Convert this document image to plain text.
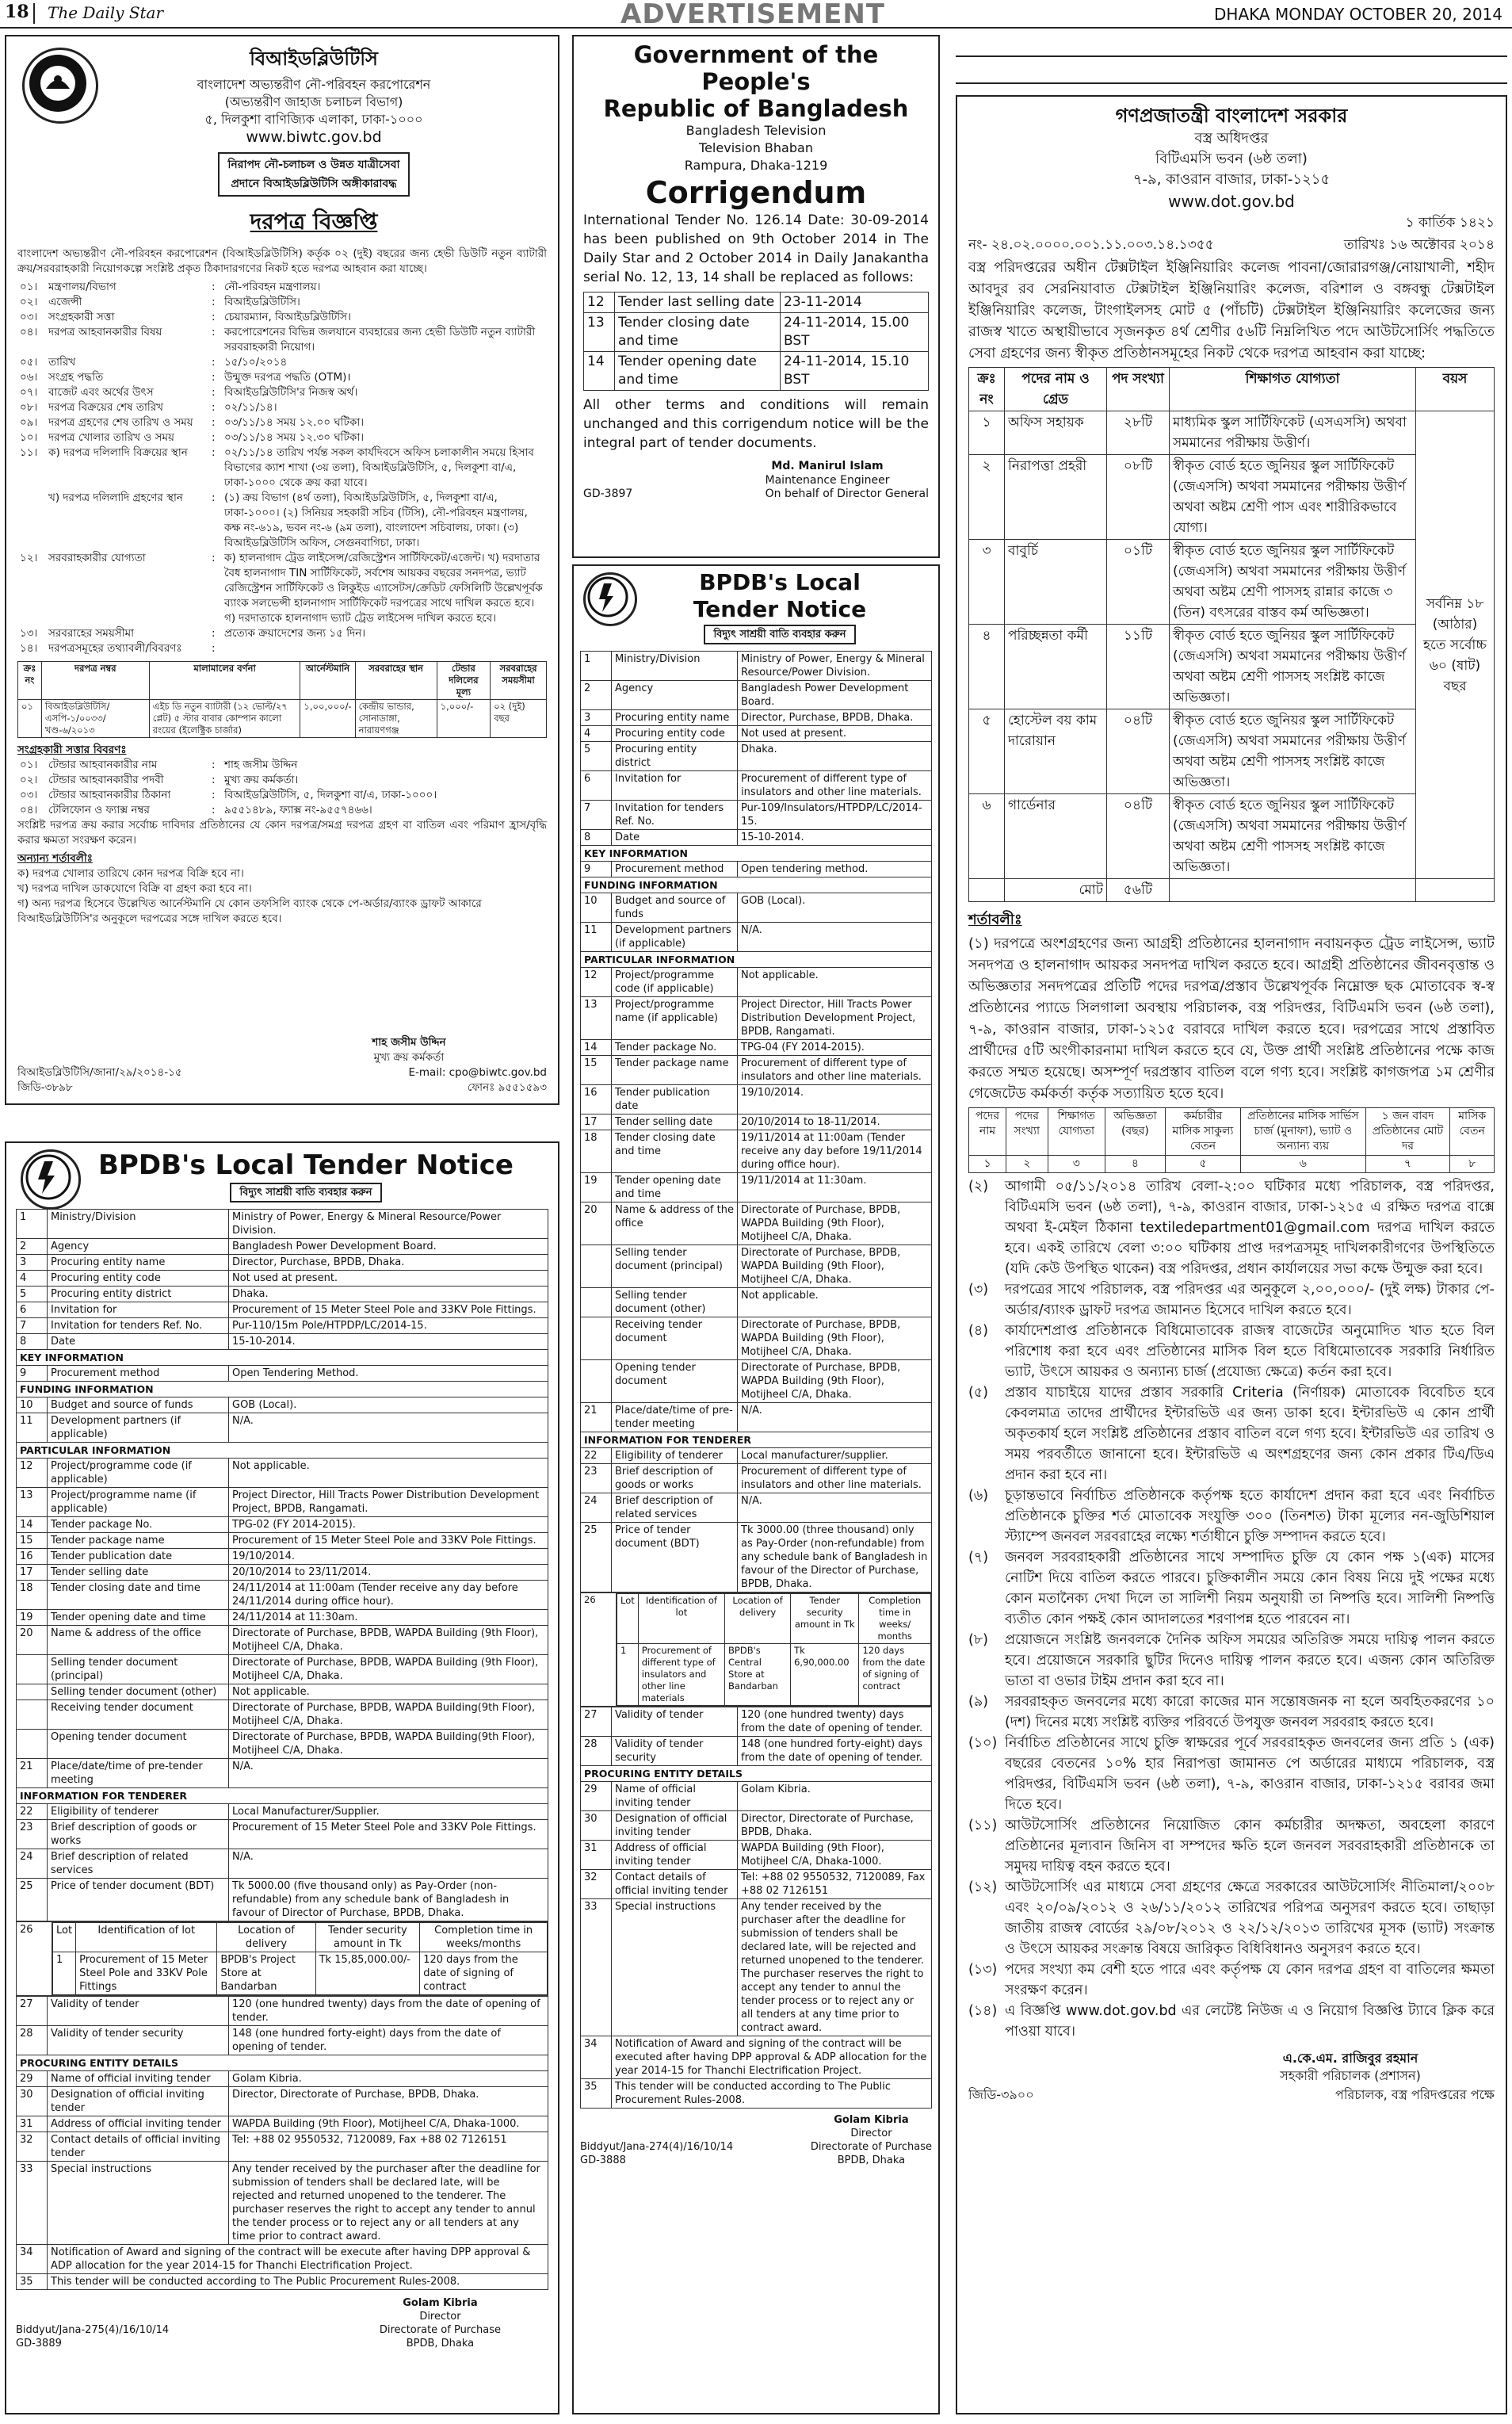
18 The Daily Star	ADVERTISEMENT	DHAKA MONDAY OCTOBER 20, 2014
বিআইডব্লিউটিসি
বাংলাদেশ অভ্যন্তরীণ নৌ-পরিবহন করপোরেশন
(অভ্যন্তরীণ জাহাজ চলাচল বিভাগ)
৫, দিলকুশা বাণিজ্যিক এলাকা, ঢাকা-১০০০
www.biwtc.gov.bd
নিরাপদ নৌ-চলাচল ও উন্নত যাত্রীসেবা
প্রদানে বিআইডব্লিউটিসি অঙ্গীকারাবদ্ধ
দরপত্র বিজ্ঞপ্তি
বাংলাদেশ অভ্যন্তরীণ নৌ-পরিবহন করপোরেশন (বিআইডব্লিউটিসি) কর্তৃক ০২ (দুই) বছরের জন্য হেভী ডিউটি নতুন ব্যাটারী ক্রয়/সরবরাহকারী নিয়োগকল্পে সংশ্লিষ্ট প্রকৃত ঠিকাদারগণের নিকট হতে দরপত্র আহবান করা যাচ্ছে।
০১।	মন্ত্রণালয়/বিভাগ	:	নৌ-পরিবহন মন্ত্রণালয়।
০২।	এজেন্সী	:	বিআইডব্লিউটিসি।
০৩।	সংগ্রহকারী সত্তা	:	চেয়ারম্যান, বিআইডব্লিউটিসি।
০৪।	দরপত্র আহবানকারীর বিষয়	:	করপোরেশনের বিভিন্ন জলযানে ব্যবহারের জন্য হেভী ডিউটি নতুন ব্যাটারী সরবরাহকারী নিয়োগ।
০৫।	তারিখ	:	১৫/১০/২০১৪
০৬।	সংগ্রহ পদ্ধতি	:	উন্মুক্ত দরপত্র পদ্ধতি (OTM)।
০৭।	বাজেট এবং অর্থের উৎস	:	বিআইডব্লিউটিসি'র নিজস্ব অর্থ।
০৮।	দরপত্র বিক্রয়ের শেষ তারিখ	:	০২/১১/১৪।
০৯।	দরপত্র গ্রহণের শেষ তারিখ ও সময়	:	০৩/১১/১৪ সময় ১২.০০ ঘটিকা।
১০।	দরপত্র খোলার তারিখ ও সময়	:	০৩/১১/১৪ সময় ১২.৩০ ঘটিকা।
১১।	ক) দরপত্র দলিলাদি বিক্রয়ের স্থান	:	০২/১১/১৪ তারিখ পর্যন্ত সকল কার্যদিবসে অফিস চলাকালীন সময়ে হিসাব বিভাগের ক্যাশ শাখা (৩য় তলা), বিআইডব্লিউটিসি, ৫, দিলকুশা বা/এ, ঢাকা-১০০০ থেকে ক্রয় করা যাবে।
	খ) দরপত্র দলিলাদি গ্রহণের স্থান	:	(১) ক্রয় বিভাগ (৪র্থ তলা), বিআইডব্লিউটিসি, ৫, দিলকুশা বা/এ, ঢাকা-১০০০। (২) সিনিয়র সহকারী সচিব (টিসি), নৌ-পরিবহন মন্ত্রণালয়, কক্ষ নং-৬১৯, ভবন নং-৬ (৯ম তলা), বাংলাদেশ সচিবালয়, ঢাকা। (৩) বিআইডব্লিউটিসি অফিস, সেগুনবাগিচা, ঢাকা।
১২।	সরবরাহকারীর যোগ্যতা	:	ক) হালনাগাদ ট্রেড লাইসেন্স/রেজিস্ট্রেশন সার্টিফিকেট/এজেন্ট। খ) দরদাতার বৈধ হালনাগাদ TIN সার্টিফিকেট, সর্বশেষ আয়কর বছরের সনদপত্র, ভ্যাট রেজিস্ট্রেশন সার্টিফিকেট ও লিকুইড এ্যাসেটস/ক্রেডিট ফেসিলিটি উল্লেখপূর্বক ব্যাংক সলভেন্সী হালনাগাদ সার্টিফিকেট দরপত্রের সাথে দাখিল করতে হবে। গ) দরদাতাকে হালনাগাদ ভ্যাট ট্রেড লাইসেন্স দাখিল করতে হবে।
১৩।	সরবরাহের সময়সীমা	:	প্রত্যেক ক্রয়াদেশের জন্য ১৫ দিন।
১৪।	দরপত্রসমূহের তথ্যাবলী/বিবরণঃ	:	
ক্রঃ নং	দরপত্র নম্বর	মালামালের বর্ণনা	আর্নেস্টমানি	সরবরাহের স্থান	টেন্ডার দলিলের মূল্য	সরবরাহের সময়সীমা
০১	বিআইডব্লিউটিসি/এসপি-১/০০৩৩/খণ্ড-৬/২০১৩	এইচ ডি নতুন ব্যাটারী (১২ ভোল্ট/২৭ প্লেট) ৫ স্টার বাবার কোম্পান কালো রংয়ের (ইলেক্ট্রিক চার্জার)	১,০০,০০০/-	কেন্দ্রীয় ভান্ডার, সোনাডাঙ্গা, নারায়ণগঞ্জ	১,০০০/-	০২ (দুই) বছর
সংগ্রহকারী সত্তার বিবরণঃ
০১।	টেন্ডার আহবানকারীর নাম	:	শাহ জসীম উদ্দিন
০২।	টেন্ডার আহবানকারীর পদবী	:	মুখ্য ক্রয় কর্মকর্তা।
০৩।	টেন্ডার আহবানকারীর ঠিকানা	:	বিআইডব্লিউটিসি, ৫, দিলকুশা বা/এ, ঢাকা-১০০০।
০৪।	টেলিফোন ও ফ্যাক্স নম্বর	:	৯৫৫১৪৮৯, ফ্যাক্স নং-৯৫৫৭৪৬৬।
সংশ্লিষ্ট দরপত্র ক্রয় করার সর্বোচ্চ দাবিদার প্রতিষ্ঠানের যে কোন দরপত্র/সমগ্র দরপত্র গ্রহণ বা বাতিল এবং পরিমাণ হ্রাস/বৃদ্ধি করার ক্ষমতা সংরক্ষণ করেন।
অন্যান্য শর্তাবলীঃ
ক) দরপত্র খোলার তারিখে কোন দরপত্র বিক্রি হবে না।
খ) দরপত্র দাখিল ডাকযোগে বিক্রি বা গ্রহণ করা হবে না।
গ) অন্য দরপত্র হিসেবে উল্লেখিত আর্নেস্টমানি যে কোন তফসিলি ব্যাংক থেকে পে-অর্ডার/ব্যাংক ড্রাফট আকারে বিআইডব্লিউটিসি'র অনুকূলে দরপত্রের সঙ্গে দাখিল করতে হবে।
শাহ জসীম উদ্দিন
মুখ্য ক্রয় কর্মকর্তা
বিআইডব্লিউটিসি/জানা/২৯/২০১৪-১৫	E-mail: cpo@biwtc.gov.bd
জিডি-৩৮৯৮	ফোনঃ ৯৫৫১৫৯৩
Government of the People's
Republic of Bangladesh
Bangladesh Television
Television Bhaban
Rampura, Dhaka-1219
Corrigendum
International Tender No. 126.14 Date: 30-09-2014 has been published on 9th October 2014 in The Daily Star and 2 October 2014 in Daily Janakantha serial No. 12, 13, 14 shall be replaced as follows:
12	Tender last selling date	23-11-2014
13	Tender closing date and time	24-11-2014, 15.00 BST
14	Tender opening date and time	24-11-2014, 15.10 BST
All other terms and conditions will remain unchanged and this corrigendum notice will be the integral part of tender documents.
Md. Manirul Islam
Maintenance Engineer
GD-3897	On behalf of Director General
BPDB's Local
Tender Notice
বিদ্যুৎ সাশ্রয়ী বাতি ব্যবহার করুন
1	Ministry/Division	Ministry of Power, Energy & Mineral Resource/Power Division.
2	Agency	Bangladesh Power Development Board.
3	Procuring entity name	Director, Purchase, BPDB, Dhaka.
4	Procuring entity code	Not used at present.
5	Procuring entity district	Dhaka.
6	Invitation for	Procurement of different type of insulators and other line materials.
7	Invitation for tenders Ref. No.	Pur-109/Insulators/HTPDP/LC/2014-15.
8	Date	15-10-2014.
KEY INFORMATION		
9	Procurement method	Open tendering method.
FUNDING INFORMATION		
10	Budget and source of funds	GOB (Local).
11	Development partners (if applicable)	N/A.
PARTICULAR INFORMATION		
12	Project/programme code (if applicable)	Not applicable.
13	Project/programme name (if applicable)	Project Director, Hill Tracts Power Distribution Development Project, BPDB, Rangamati.
14	Tender package No.	TPG-04 (FY 2014-2015).
15	Tender package name	Procurement of different type of insulators and other line materials.
16	Tender publication date	19/10/2014.
17	Tender selling date	20/10/2014 to 18-11/2014.
18	Tender closing date and time	19/11/2014 at 11:00am (Tender receive any day before 19/11/2014 during office hour).
19	Tender opening date and time	19/11/2014 at 11:30am.
20	Name & address of the office	Directorate of Purchase, BPDB, WAPDA Building (9th Floor), Motijheel C/A, Dhaka.
	Selling tender document (principal)	Directorate of Purchase, BPDB, WAPDA Building (9th Floor), Motijheel C/A, Dhaka.
	Selling tender document (other)	Not applicable.
	Receiving tender document	Directorate of Purchase, BPDB, WAPDA Building (9th Floor), Motijheel C/A, Dhaka.
	Opening tender document	Directorate of Purchase, BPDB, WAPDA Building (9th Floor), Motijheel C/A, Dhaka.
21	Place/date/time of pre-tender meeting	N/A.
INFORMATION FOR TENDERER		
22	Eligibility of tenderer	Local manufacturer/supplier.
23	Brief description of goods or works	Procurement of different type of insulators and other line materials.
24	Brief description of related services	N/A.
25	Price of tender document (BDT)	Tk 3000.00 (three thousand) only as Pay-Order (non-refundable) from any schedule bank of Bangladesh in favour of the Director of Purchase, BPDB, Dhaka.
26		Lot	Identification of lot	Location of delivery	Tender security amount in Tk	Completion time in weeks/ months
1	Procurement of different type of insulators and other line materials	BPDB's Central Store at Bandarban	Tk 6,90,000.00	120 days from the date of signing of contract
27	Validity of tender	120 (one hundred twenty) days from the date of opening of tender.
28	Validity of tender security	148 (one hundred forty-eight) days from the date of opening of tender.
PROCURING ENTITY DETAILS		
29	Name of official inviting tender	Golam Kibria.
30	Designation of official inviting tender	Director, Directorate of Purchase, BPDB, Dhaka.
31	Address of official inviting tender	WAPDA Building (9th Floor), Motijheel C/A, Dhaka-1000.
32	Contact details of official inviting tender	Tel: +88 02 9550532, 7120089, Fax +88 02 7126151
33	Special instructions	Any tender received by the purchaser after the deadline for submission of tenders shall be declared late, will be rejected and returned unopened to the tenderer. The purchaser reserves the right to accept any tender to annul the tender process or to reject any or all tenders at any time prior to contract award.
34	Notification of Award and signing of the contract will be executed after having DPP approval & ADP allocation for the year 2014-15 for Thanchi Electrification Project.	
35	This tender will be conducted according to The Public Procurement Rules-2008.	
Biddyut/Jana-274(4)/16/10/14
GD-3888
Golam Kibria
Director
Directorate of Purchase
BPDB, Dhaka
BPDB's Local Tender Notice
বিদ্যুৎ সাশ্রয়ী বাতি ব্যবহার করুন
1	Ministry/Division	Ministry of Power, Energy & Mineral Resource/Power Division.
2	Agency	Bangladesh Power Development Board.
3	Procuring entity name	Director, Purchase, BPDB, Dhaka.
4	Procuring entity code	Not used at present.
5	Procuring entity district	Dhaka.
6	Invitation for	Procurement of 15 Meter Steel Pole and 33KV Pole Fittings.
7	Invitation for tenders Ref. No.	Pur-110/15m Pole/HTPDP/LC/2014-15.
8	Date	15-10-2014.
KEY INFORMATION		
9	Procurement method	Open Tendering Method.
FUNDING INFORMATION		
10	Budget and source of funds	GOB (Local).
11	Development partners (if applicable)	N/A.
PARTICULAR INFORMATION		
12	Project/programme code (if applicable)	Not applicable.
13	Project/programme name (if applicable)	Project Director, Hill Tracts Power Distribution Development Project, BPDB, Rangamati.
14	Tender package No.	TPG-02 (FY 2014-2015).
15	Tender package name	Procurement of 15 Meter Steel Pole and 33KV Pole Fittings.
16	Tender publication date	19/10/2014.
17	Tender selling date	20/10/2014 to 23/11/2014.
18	Tender closing date and time	24/11/2014 at 11:00am (Tender receive any day before 24/11/2014 during office hour).
19	Tender opening date and time	24/11/2014 at 11:30am.
20	Name & address of the office	Directorate of Purchase, BPDB, WAPDA Building (9th Floor), Motijheel C/A, Dhaka.
	Selling tender document (principal)	Directorate of Purchase, BPDB, WAPDA Building (9th Floor), Motijheel C/A, Dhaka.
	Selling tender document (other)	Not applicable.
	Receiving tender document	Directorate of Purchase, BPDB, WAPDA Building(9th Floor), Motijheel C/A, Dhaka.
	Opening tender document	Directorate of Purchase, BPDB, WAPDA Building(9th Floor), Motijheel C/A, Dhaka.
21	Place/date/time of pre-tender meeting	N/A.
INFORMATION FOR TENDERER		
22	Eligibility of tenderer	Local Manufacturer/Supplier.
23	Brief description of goods or works	Procurement of 15 Meter Steel Pole and 33KV Pole Fittings.
24	Brief description of related services	N/A.
25	Price of tender document (BDT)	Tk 5000.00 (five thousand only) as Pay-Order (non-refundable) from any schedule bank of Bangladesh in favour of Director of Purchase, BPDB, Dhaka.
26	Lot	Identification of lot	Location of delivery	Tender security amount in Tk	Completion time in weeks/months
1	Procurement of 15 Meter Steel Pole and 33KV Pole Fittings	BPDB's Project Store at Bandarban	Tk 15,85,000.00/-	120 days from the date of signing of contract
27	Validity of tender	120 (one hundred twenty) days from the date of opening of tender.
28	Validity of tender security	148 (one hundred forty-eight) days from the date of opening of tender.
PROCURING ENTITY DETAILS		
29	Name of official inviting tender	Golam Kibria.
30	Designation of official inviting tender	Director, Directorate of Purchase, BPDB, Dhaka.
31	Address of official inviting tender	WAPDA Building (9th Floor), Motijheel C/A, Dhaka-1000.
32	Contact details of official inviting tender	Tel: +88 02 9550532, 7120089, Fax +88 02 7126151
33	Special instructions	Any tender received by the purchaser after the deadline for submission of tenders shall be declared late, will be rejected and returned unopened to the tenderer. The purchaser reserves the right to accept any tender to annul the tender process or to reject any or all tenders at any time prior to contract award.
34	Notification of Award and signing of the contract will be execute after having DPP approval & ADP allocation for the year 2014-15 for Thanchi Electrification Project.	
35	This tender will be conducted according to The Public Procurement Rules-2008.	
Biddyut/Jana-275(4)/16/10/14
GD-3889
Golam Kibria
Director
Directorate of Purchase
BPDB, Dhaka
গণপ্রজাতন্ত্রী বাংলাদেশ সরকার
বস্ত্র অধিদপ্তর
বিটিএমসি ভবন (৬ষ্ঠ তলা)
৭-৯, কাওরান বাজার, ঢাকা-১২১৫
www.dot.gov.bd
১ কার্তিক ১৪২১
নং- ২৪.০২.০০০০.০০১.১১.০০৩.১৪.১৩৫৫	তারিখঃ ১৬ অক্টোবর ২০১৪
বস্ত্র পরিদপ্তরের অধীন টেক্সটাইল ইঞ্জিনিয়ারিং কলেজ পাবনা/জোরারগঞ্জ/নোয়াখালী, শহীদ আবদুর রব সেরনিয়াবাত টেক্সটাইল ইঞ্জিনিয়ারিং কলেজ, বরিশাল ও বঙ্গবন্ধু টেক্সটাইল ইঞ্জিনিয়ারিং কলেজ, টাংগাইলসহ মোট ৫ (পাঁচটি) টেক্সটাইল ইঞ্জিনিয়ারিং কলেজের জন্য রাজস্ব খাতে অস্থায়ীভাবে সৃজনকৃত ৪র্থ শ্রেণীর ৫৬টি নিম্নলিখিত পদে আউটসোর্সিং পদ্ধতিতে সেবা গ্রহণের জন্য স্বীকৃত প্রতিষ্ঠানসমূহের নিকট থেকে দরপত্র আহবান করা যাচ্ছে:
ক্রঃ নং	পদের নাম ও গ্রেড	পদ সংখ্যা	শিক্ষাগত যোগ্যতা	বয়স
১	অফিস সহায়ক	২৮টি	মাধ্যমিক স্কুল সার্টিফিকেট (এসএসসি) অথবা সমমানের পরীক্ষায় উত্তীর্ণ।	সর্বনিম্ন ১৮ (আঠার) হতে সর্বোচ্চ ৬০ (ষাট) বছর
২	নিরাপত্তা প্রহরী	০৮টি	স্বীকৃত বোর্ড হতে জুনিয়র স্কুল সার্টিফিকেট (জেএসসি) অথবা সমমানের পরীক্ষায় উত্তীর্ণ অথবা অষ্টম শ্রেণী পাস এবং শারীরিকভাবে যোগ্য।	
৩	বাবুর্চি	০১টি	স্বীকৃত বোর্ড হতে জুনিয়র স্কুল সার্টিফিকেট (জেএসসি) অথবা সমমানের পরীক্ষায় উত্তীর্ণ অথবা অষ্টম শ্রেণী পাসসহ রান্নার কাজে ৩ (তিন) বৎসরের বাস্তব কর্ম অভিজ্ঞতা।	
৪	পরিচ্ছন্নতা কর্মী	১১টি	স্বীকৃত বোর্ড হতে জুনিয়র স্কুল সার্টিফিকেট (জেএসসি) অথবা সমমানের পরীক্ষায় উত্তীর্ণ অথবা অষ্টম শ্রেণী পাসসহ সংশ্লিষ্ট কাজে অভিজ্ঞতা।	
৫	হোস্টেল বয় কাম দারোয়ান	০৪টি	স্বীকৃত বোর্ড হতে জুনিয়র স্কুল সার্টিফিকেট (জেএসসি) অথবা সমমানের পরীক্ষায় উত্তীর্ণ অথবা অষ্টম শ্রেণী পাসসহ সংশ্লিষ্ট কাজে অভিজ্ঞতা।	
৬	গার্ডেনার	০৪টি	স্বীকৃত বোর্ড হতে জুনিয়র স্কুল সার্টিফিকেট (জেএসসি) অথবা সমমানের পরীক্ষায় উত্তীর্ণ অথবা অষ্টম শ্রেণী পাসসহ সংশ্লিষ্ট কাজে অভিজ্ঞতা।	
	মোট	৫৬টি		
শর্তাবলীঃ
(১) দরপত্রে অংশগ্রহণের জন্য আগ্রহী প্রতিষ্ঠানের হালনাগাদ নবায়নকৃত ট্রেড লাইসেন্স, ভ্যাট সনদপত্র ও হালনাগাদ আয়কর সনদপত্র দাখিল করতে হবে। আগ্রহী প্রতিষ্ঠানের জীবনবৃত্তান্ত ও অভিজ্ঞতার সনদপত্রের প্রতিটি পদের দরপত্র/প্রস্তাব উল্লেখপূর্বক নিম্নোক্ত ছক মোতাবেক স্ব-স্ব প্রতিষ্ঠানের প্যাডে সিলগালা অবস্থায় পরিচালক, বস্ত্র পরিদপ্তর, বিটিএমসি ভবন (৬ষ্ঠ তলা), ৭-৯, কাওরান বাজার, ঢাকা-১২১৫ বরাবরে দাখিল করতে হবে। দরপত্রের সাথে প্রস্তাবিত প্রার্থীদের ৫টি অংগীকারনামা দাখিল করতে হবে যে, উক্ত প্রার্থী সংশ্লিষ্ট প্রতিষ্ঠানের পক্ষে কাজ করতে সম্মত হয়েছে। অসম্পূর্ণ দরপ্রস্তাব বাতিল বলে গণ্য হবে। সংশ্লিষ্ট কাগজপত্র ১ম শ্রেণীর গেজেটেড কর্মকর্তা কর্তৃক সত্যায়িত হতে হবে।
পদের নাম	পদের সংখ্যা	শিক্ষাগত যোগ্যতা	অভিজ্ঞতা (বছর)	কর্মচারীর মাসিক সাকুল্য বেতন	প্রতিষ্ঠানের মাসিক সার্ভিস চার্জ (মুনাফা), ভ্যাট ও অন্যান্য ব্যয়	১ জন বাবদ প্রতিষ্ঠানের মোট দর	মাসিক বেতন
১	২	৩	৪	৫	৬	৭	৮
(২)	আগামী ০৫/১১/২০১৪ তারিখ বেলা-২:০০ ঘটিকার মধ্যে পরিচালক, বস্ত্র পরিদপ্তর, বিটিএমসি ভবন (৬ষ্ঠ তলা), ৭-৯, কাওরান বাজার, ঢাকা-১২১৫ এ রক্ষিত দরপত্র বাক্সে অথবা ই-মেইল ঠিকানা textiledepartment01@gmail.com দরপত্র দাখিল করতে হবে। একই তারিখে বেলা ৩:০০ ঘটিকায় প্রাপ্ত দরপত্রসমূহ দাখিলকারীগণের উপস্থিতিতে (যদি কেউ উপস্থিত থাকেন) বস্ত্র পরিদপ্তর, প্রধান কার্যালয়ের সভা কক্ষে উন্মুক্ত করা হবে।
(৩)	দরপত্রের সাথে পরিচালক, বস্ত্র পরিদপ্তর এর অনুকূলে ২,০০,০০০/- (দুই লক্ষ) টাকার পে-অর্ডার/ব্যাংক ড্রাফট দরপত্র জামানত হিসেবে দাখিল করতে হবে।
(৪)	কার্যাদেশপ্রাপ্ত প্রতিষ্ঠানকে বিধিমোতাবেক রাজস্ব বাজেটের অনুমোদিত খাত হতে বিল পরিশোধ করা হবে এবং প্রতিষ্ঠানের মাসিক বিল হতে বিধিমোতাবেক সরকারি নির্ধারিত ভ্যাট, উৎসে আয়কর ও অন্যান্য চার্জ (প্রযোজ্য ক্ষেত্রে) কর্তন করা হবে।
(৫)	প্রস্তাব যাচাইয়ে যাদের প্রস্তাব সরকারি Criteria (নির্ণায়ক) মোতাবেক বিবেচিত হবে কেবলমাত্র তাদের প্রার্থীদের ইন্টারভিউ এর জন্য ডাকা হবে। ইন্টারভিউ এ কোন প্রার্থী অকৃতকার্য হলে সংশ্লিষ্ট প্রতিষ্ঠানের প্রস্তাব বাতিল বলে গণ্য হবে। ইন্টারভিউ এর তারিখ ও সময় পরবর্তীতে জানানো হবে। ইন্টারভিউ এ অংশগ্রহণের জন্য কোন প্রকার টিএ/ডিএ প্রদান করা হবে না।
(৬)	চূড়ান্তভাবে নির্বাচিত প্রতিষ্ঠানকে কর্তৃপক্ষ হতে কার্যাদেশ প্রদান করা হবে এবং নির্বাচিত প্রতিষ্ঠানকে চুক্তির শর্ত মোতাবেক সংযুক্তি ৩০০ (তিনশত) টাকা মূল্যের নন-জুডিশিয়াল স্ট্যাম্পে জনবল সরবরাহের লক্ষ্যে শর্তাধীনে চুক্তি সম্পাদন করতে হবে।
(৭)	জনবল সরবরাহকারী প্রতিষ্ঠানের সাথে সম্পাদিত চুক্তি যে কোন পক্ষ ১(এক) মাসের নোটিশ দিয়ে বাতিল করতে পারবে। চুক্তিকালীন সময়ে কোন বিষয় নিয়ে দুই পক্ষের মধ্যে কোন মতানৈক্য দেখা দিলে তা সালিশী নিয়ম অনুযায়ী তা নিষ্পত্তি হবে। সালিশী নিষ্পত্তি ব্যতীত কোন পক্ষই কোন আদালতের শরণাপন্ন হতে পারবেন না।
(৮)	প্রয়োজনে সংশ্লিষ্ট জনবলকে দৈনিক অফিস সময়ের অতিরিক্ত সময়ে দায়িত্ব পালন করতে হবে। প্রয়োজনে সরকারি ছুটির দিনেও দায়িত্ব পালন করতে হবে। এজন্য কোন অতিরিক্ত ভাতা বা ওভার টাইম প্রদান করা হবে না।
(৯)	সরবরাহকৃত জনবলের মধ্যে কারো কাজের মান সন্তোষজনক না হলে অবহিতকরণের ১০ (দশ) দিনের মধ্যে সংশ্লিষ্ট ব্যক্তির পরিবর্তে উপযুক্ত জনবল সরবরাহ করতে হবে।
(১০) নির্বাচিত প্রতিষ্ঠানের সাথে চুক্তি স্বাক্ষরের পূর্বে সরবরাহকৃত জনবলের জন্য প্রতি ১ (এক) বছরের বেতনের ১০% হার নিরাপত্তা জামানত পে অর্ডারের মাধ্যমে পরিচালক, বস্ত্র পরিদপ্তর, বিটিএমসি ভবন (৬ষ্ঠ তলা), ৭-৯, কাওরান বাজার, ঢাকা-১২১৫ বরাবর জমা দিতে হবে।
(১১) আউটসোর্সিং প্রতিষ্ঠানের নিয়োজিত কোন কর্মচারীর অদক্ষতা, অবহেলা কারণে প্রতিষ্ঠানের মূল্যবান জিনিস বা সম্পদের ক্ষতি হলে জনবল সরবরাহকারী প্রতিষ্ঠানকে তা সমুদয় দায়িত্ব বহন করতে হবে।
(১২) আউটসোর্সিং এর মাধ্যমে সেবা গ্রহণের ক্ষেত্রে সরকারের আউটসোর্সিং নীতিমালা/২০০৮ এবং ২০/০৯/২০১২ ও ২৬/১১/২০১২ তারিখের পরিপত্র অনুসরণ করতে হবে। তাছাড়া জাতীয় রাজস্ব বোর্ডের ২৯/০৮/২০১২ ও ২২/১২/২০১৩ তারিখের মূসক (ভ্যাট) সংক্রান্ত ও উৎসে আয়কর সংক্রান্ত বিষয়ে জারিকৃত বিধিবিধানও অনুসরণ করতে হবে।
(১৩) পদের সংখ্যা কম বেশী হতে পারে এবং কর্তৃপক্ষ যে কোন দরপত্র গ্রহণ বা বাতিলের ক্ষমতা সংরক্ষণ করেন।
(১৪) এ বিজ্ঞপ্তি www.dot.gov.bd এর লেটেষ্ট নিউজ এ ও নিয়োগ বিজ্ঞপ্তি ট্যাবে ক্লিক করে পাওয়া যাবে।
এ.কে.এম. রাজিবুর রহমান
সহকারী পরিচালক (প্রশাসন)
জিডি-৩৯০০	পরিচালক, বস্ত্র পরিদপ্তরের পক্ষে
